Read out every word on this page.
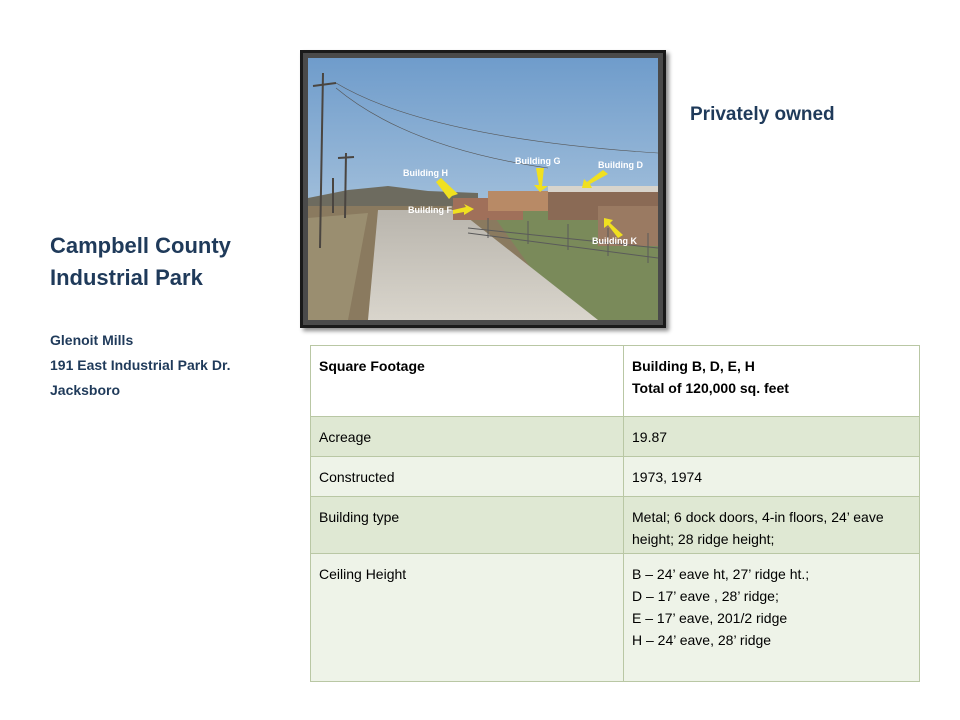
Campbell County
Industrial Park
Glenoit Mills
191 East Industrial Park Dr.
Jacksboro
Privately owned
Building H
Building G	Building D
Building F
Building K
Square Footage	Building B, D, E, H
Total of 120,000 sq. feet

Acreage	19.87
Constructed	1973, 1974
Building type	Metal; 6 dock doors, 4-in floors, 24’ eave height; 28 ridge height;
Ceiling Height	B – 24’ eave ht, 27’ ridge ht.;
D – 17’ eave , 28’ ridge;
E – 17’ eave, 201/2 ridge
H – 24’ eave, 28’ ridge
